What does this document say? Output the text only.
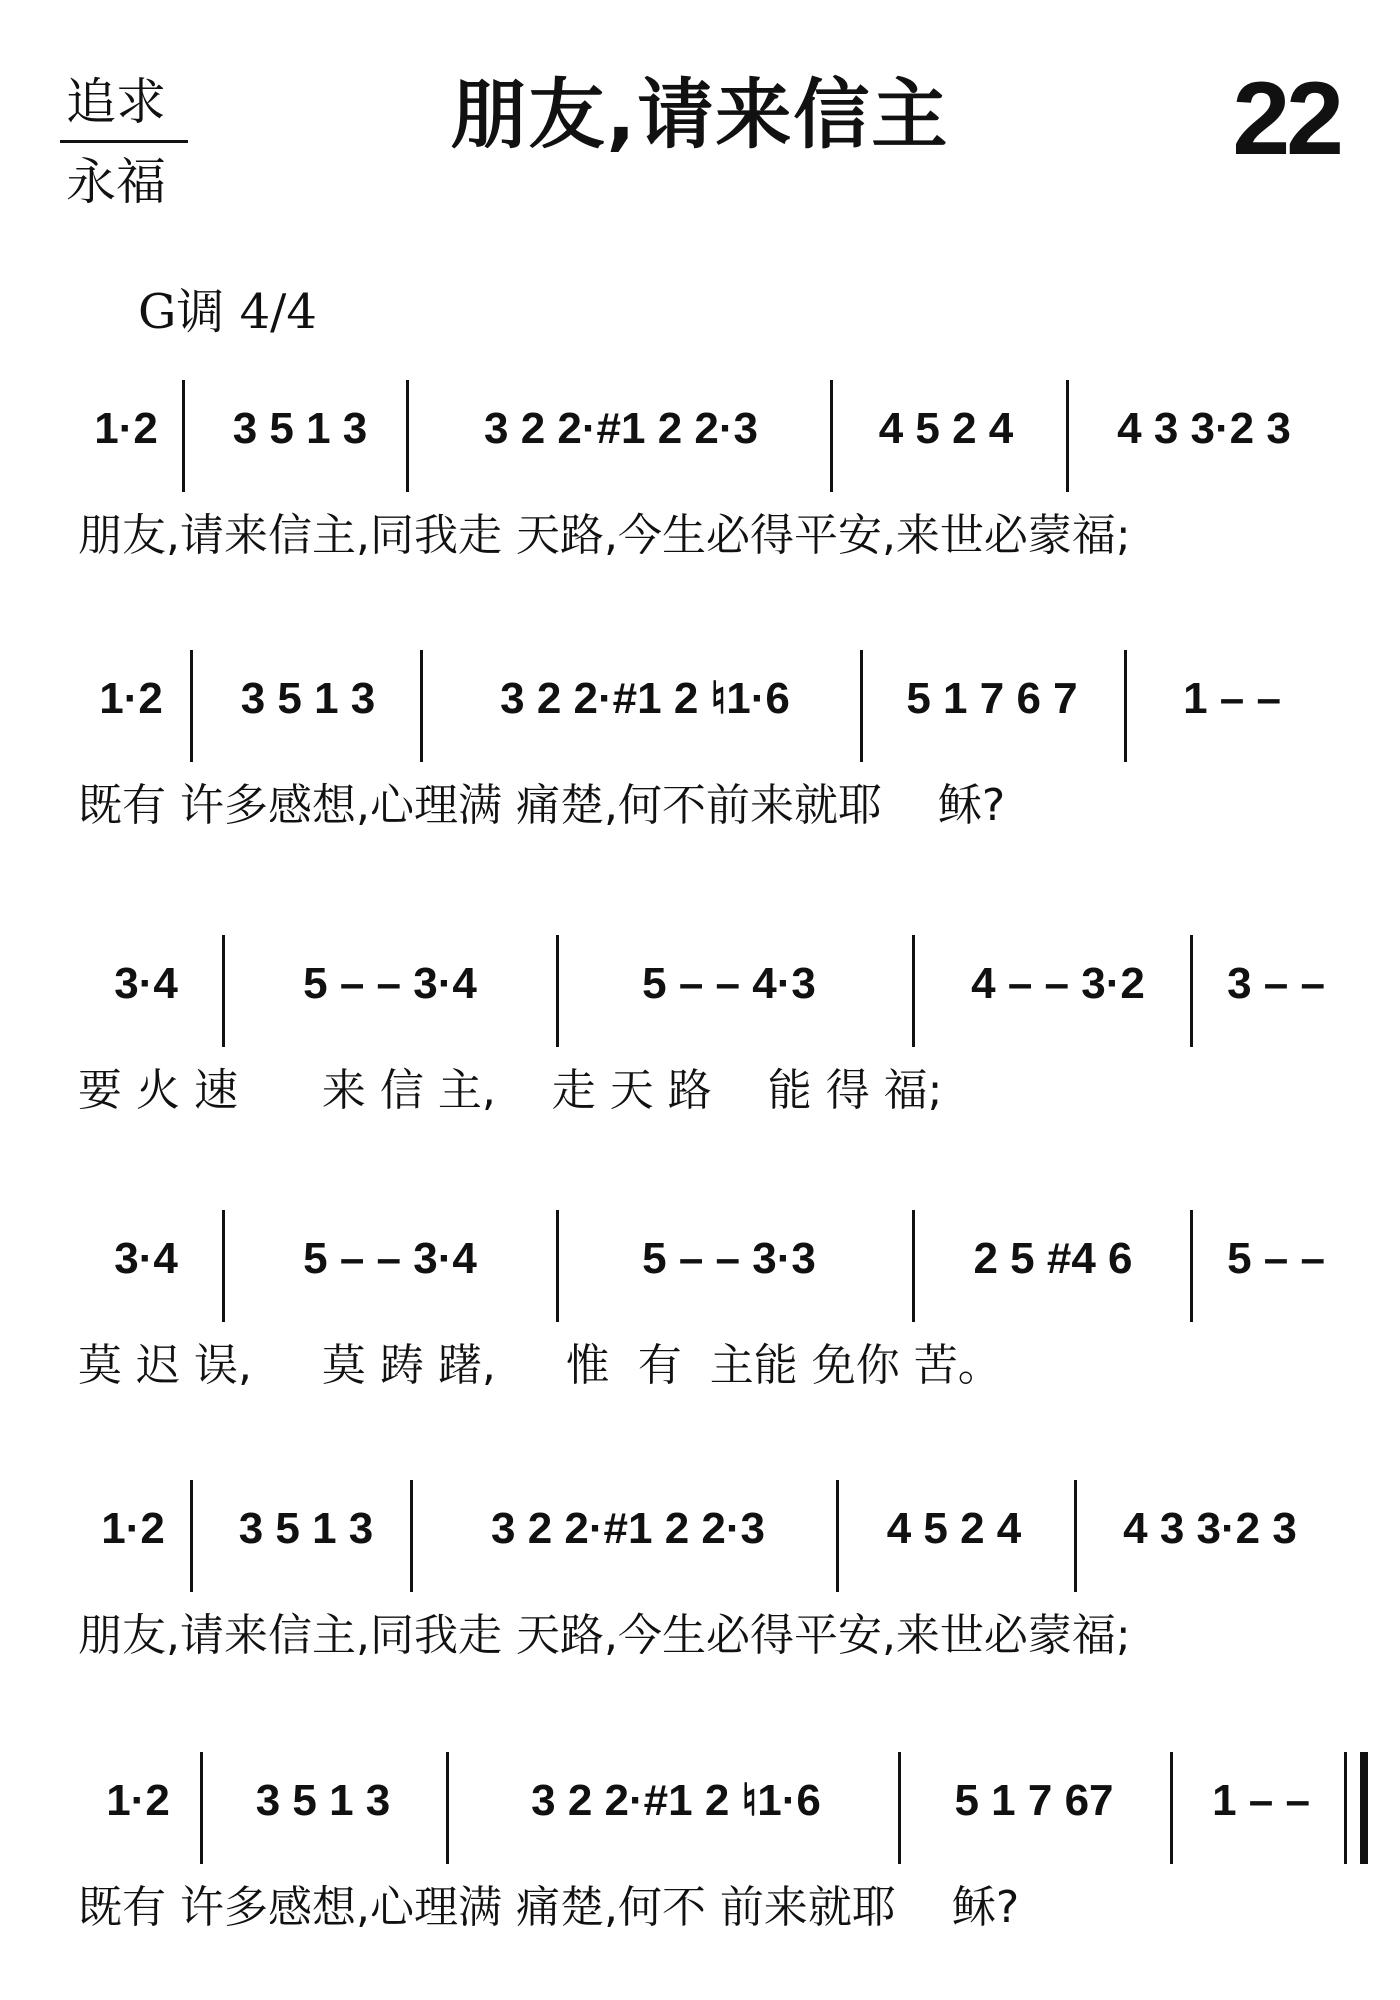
追求
永福
朋友,请来信主	22
G调 4/4
1·2	3 5 1 3	3 2 2·#1 2 2·3	4 5 2 4	4 3 3·2 3
朋友,请来信主,同我走 天路,今生必得平安,来世必蒙福;
1·2	3 5 1 3	3 2 2·#1 2 ♮1·6	5 1 7 6 7	1 – –
既有 许多感想,心理满 痛楚,何不前来就耶    稣?
3·4	5 – – 3·4	5 – – 4·3	4 – – 3·2	3 – –
要 火 速      来 信 主,    走 天 路    能 得 福;
3·4	5 – – 3·4	5 – – 3·3	2 5 #4 6	5 – –
莫 迟 误,     莫 踌 躇,     惟  有  主能 免你 苦。
1·2	3 5 1 3	3 2 2·#1 2 2·3	4 5 2 4	4 3 3·2 3
朋友,请来信主,同我走 天路,今生必得平安,来世必蒙福;
1·2	3 5 1 3	3 2 2·#1 2 ♮1·6	5 1 7 67	1 – –
既有 许多感想,心理满 痛楚,何不 前来就耶    稣?
